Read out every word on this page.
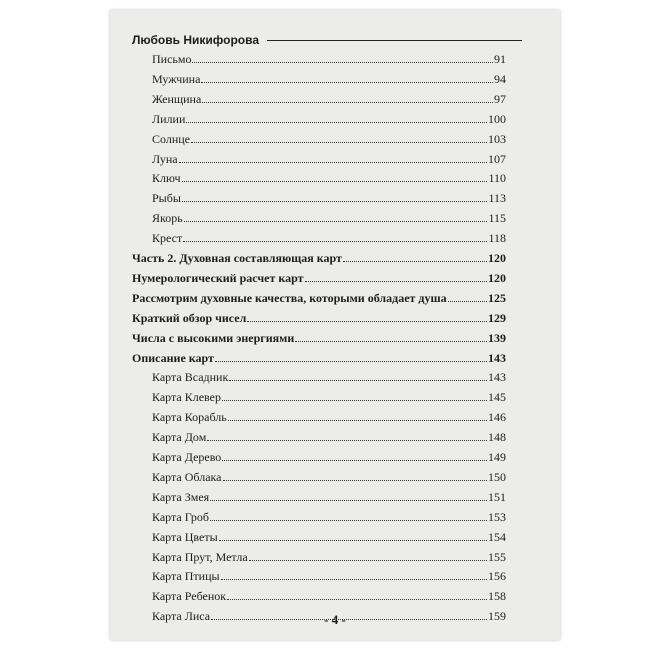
Любовь Никифорова
Письмо	91
Мужчина	94
Женщина	97
Лилии	100
Солнце	103
Луна	107
Ключ	110
Рыбы	113
Якорь	115
Крест	118
Часть 2. Духовная составляющая карт	120
Нумерологический расчет карт	120
Рассмотрим духовные качества, которыми обладает душа	125
Краткий обзор чисел	129
Числа с высокими энергиями	139
Описание карт	143
Карта Всадник	143
Карта Клевер	145
Карта Корабль	146
Карта Дом	148
Карта Дерево	149
Карта Облака	150
Карта Змея	151
Карта Гроб	153
Карта Цветы	154
Карта Прут, Метла	155
Карта Птицы	156
Карта Ребенок	158
Карта Лиса	159
- 4 -
